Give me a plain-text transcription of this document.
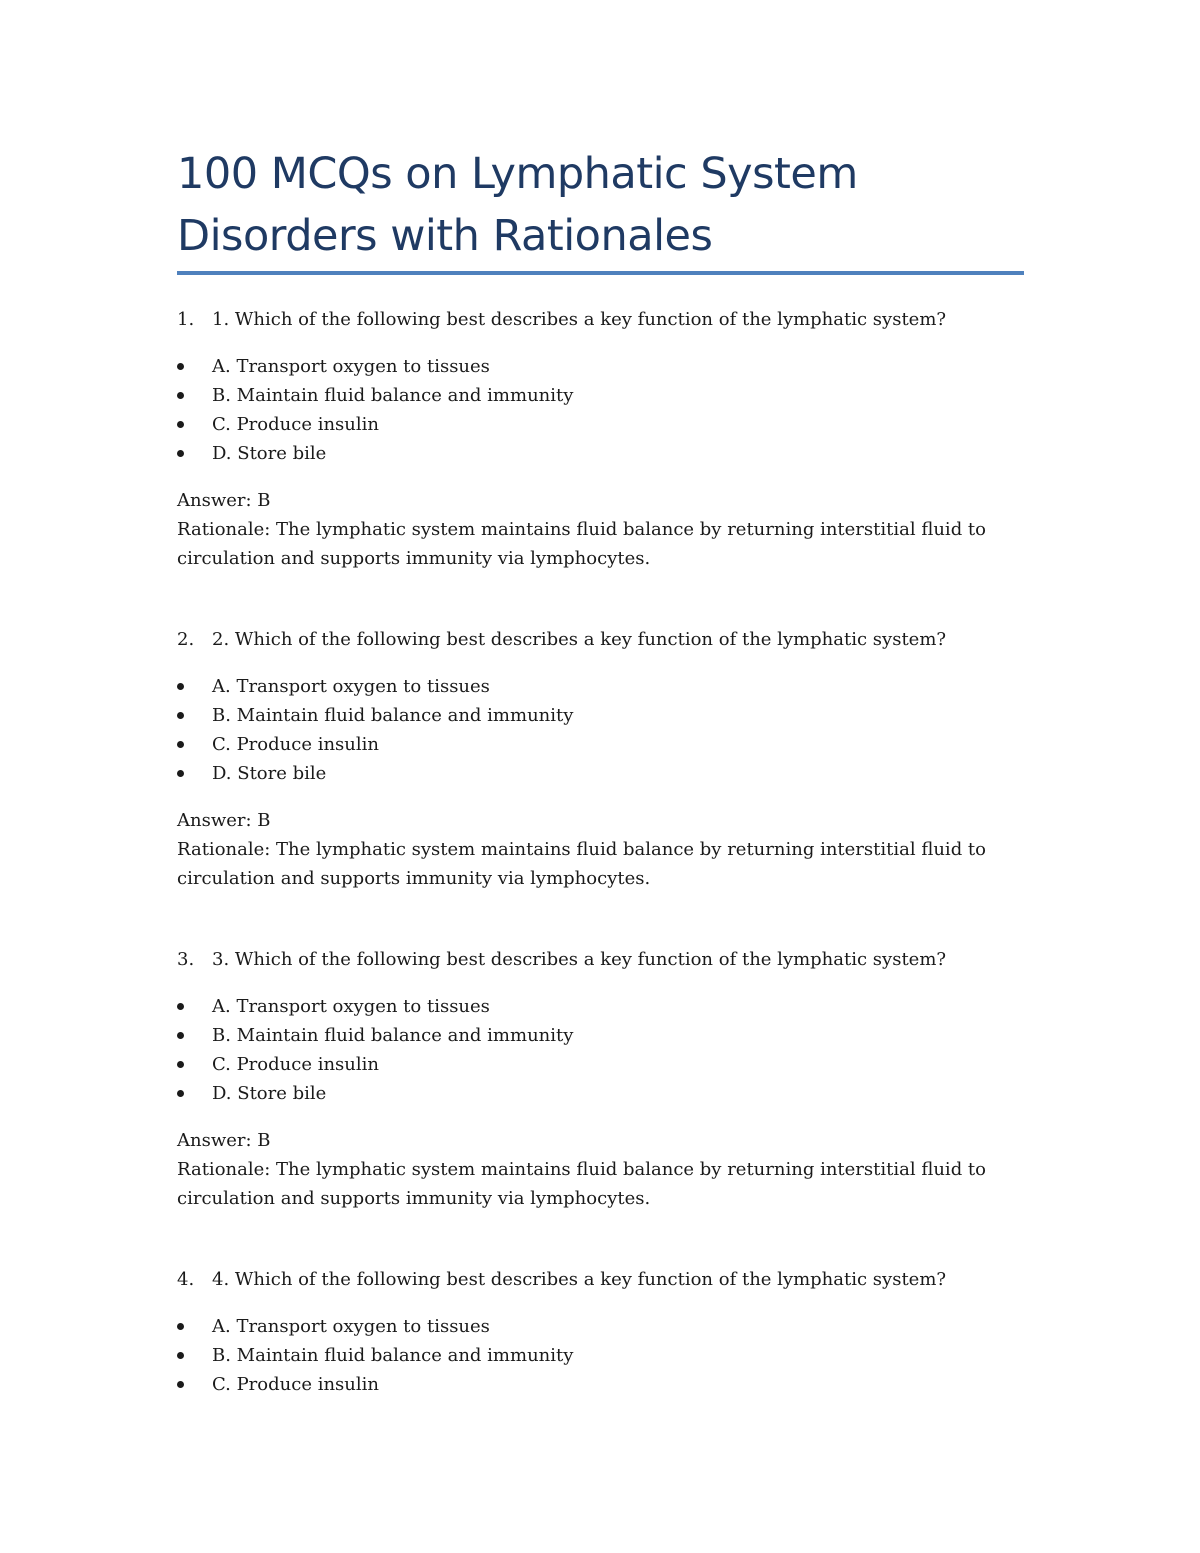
100 MCQs on Lymphatic System Disorders with Rationales
1. 1. Which of the following best describes a key function of the lymphatic system?
A. Transport oxygen to tissues
B. Maintain fluid balance and immunity
C. Produce insulin
D. Store bile
Answer: B
Rationale: The lymphatic system maintains fluid balance by returning interstitial fluid to circulation and supports immunity via lymphocytes.
2. 2. Which of the following best describes a key function of the lymphatic system?
A. Transport oxygen to tissues
B. Maintain fluid balance and immunity
C. Produce insulin
D. Store bile
Answer: B
Rationale: The lymphatic system maintains fluid balance by returning interstitial fluid to circulation and supports immunity via lymphocytes.
3. 3. Which of the following best describes a key function of the lymphatic system?
A. Transport oxygen to tissues
B. Maintain fluid balance and immunity
C. Produce insulin
D. Store bile
Answer: B
Rationale: The lymphatic system maintains fluid balance by returning interstitial fluid to circulation and supports immunity via lymphocytes.
4. 4. Which of the following best describes a key function of the lymphatic system?
A. Transport oxygen to tissues
B. Maintain fluid balance and immunity
C. Produce insulin
